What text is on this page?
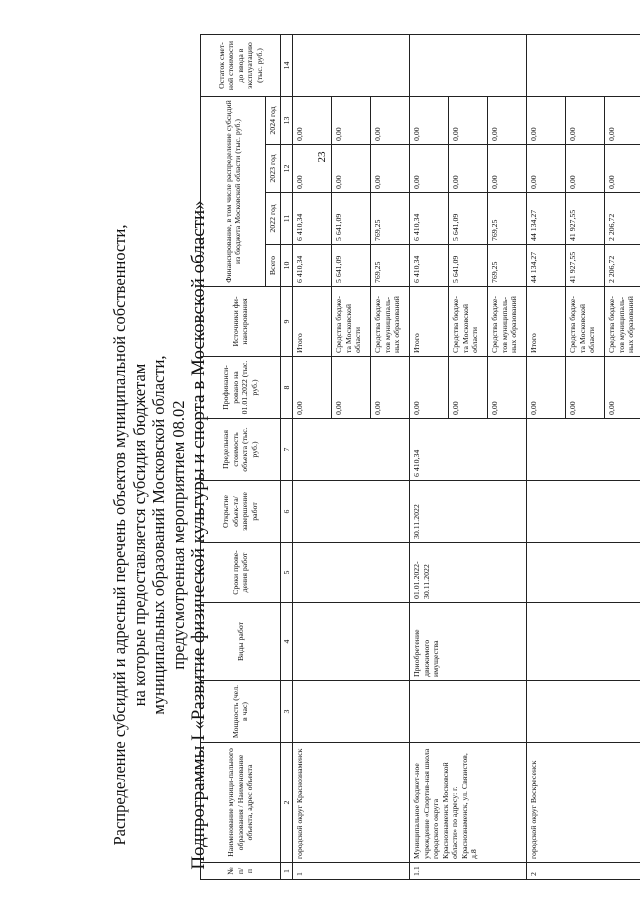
23
Распределение субсидий и адресный перечень объектов муниципальной собственности, на которые предоставляется субсидия бюджетам муниципальных образований Московской области, предусмотренная мероприятием 08.02 Подпрограммы I «Развитие физической культуры и спорта в Московской области»
№ п/п	Наименование муници-пального образования / Наименование объекта, адрес объекта	Мощность (чел. в час)	Виды работ	Сроки прове-дения работ	Открытие объек-та/завершение работ	Предельная стоимость объекта (тыс. руб.)	Профинанси-ровано на 01.01.2022 (тыс. руб.)	Источники фи-нансирования	Финансирование, в том числе распределение субсидий из бюджета Московской области (тыс. руб.)				Остаток смет-ной стоимости до ввода в эксплуатацию (тыс. руб.)
									Всего	2022 год	2023 год	2024 год	
1	2	3	4	5	6	7	8	9	10	11	12	13	14
1	городской округ Краснознаменск						0,00	Итого	6 410,34	6 410,34	0,00	0,00	
							0,00	Средства бюдже-та Московской области	5 641,09	5 641,09	0,00	0,00	
							0,00	Средства бюдже-тов муниципаль-ных образований	769,25	769,25	0,00	0,00	
1.1	Муниципальное бюджет-ное учреждение «Спортив-ная школа городского округа Краснознаменск Московской области» по адресу: г. Краснознаменск, ул. Связистов, д.8		Приобретение движимого имущества	01.01.2022-30.11.2022	30.11.2022	6 410,34	0,00	Итого	6 410,34	6 410,34	0,00	0,00	
							0,00	Средства бюдже-та Московской области	5 641,09	5 641,09	0,00	0,00	
							0,00	Средства бюдже-тов муниципаль-ных образований	769,25	769,25	0,00	0,00	
2	городской округ Воскресенск						0,00	Итого	44 134,27	44 134,27	0,00	0,00	
							0,00	Средства бюдже-та Московской области	41 927,55	41 927,55	0,00	0,00	
							0,00	Средства бюдже-тов муниципаль-ных образований	2 206,72	2 206,72	0,00	0,00	
